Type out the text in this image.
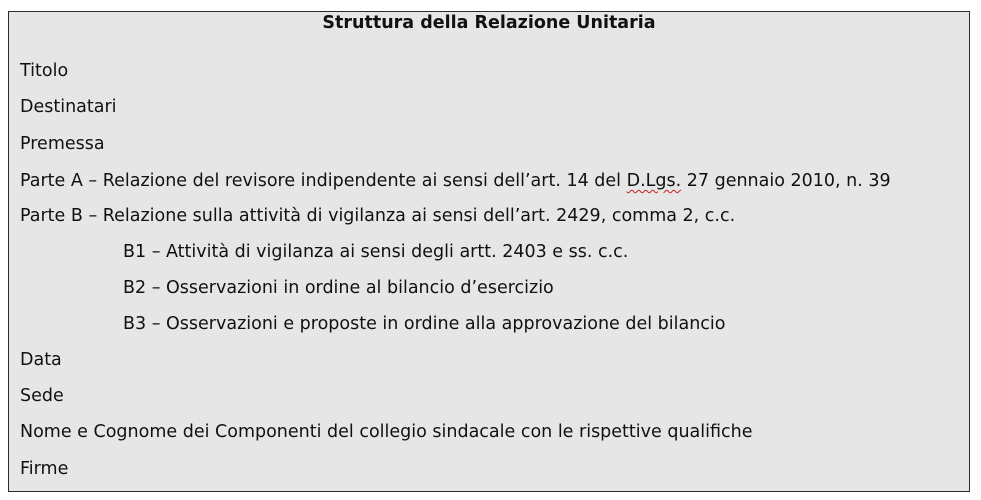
Struttura della Relazione Unitaria
Titolo
Destinatari
Premessa
Parte A – Relazione del revisore indipendente ai sensi dell’art. 14 del D.Lgs. 27 gennaio 2010, n. 39
Parte B – Relazione sulla attività di vigilanza ai sensi dell’art. 2429, comma 2, c.c.
B1 – Attività di vigilanza ai sensi degli artt. 2403 e ss. c.c.
B2 – Osservazioni in ordine al bilancio d’esercizio
B3 – Osservazioni e proposte in ordine alla approvazione del bilancio
Data
Sede
Nome e Cognome dei Componenti del collegio sindacale con le rispettive qualifiche
Firme
